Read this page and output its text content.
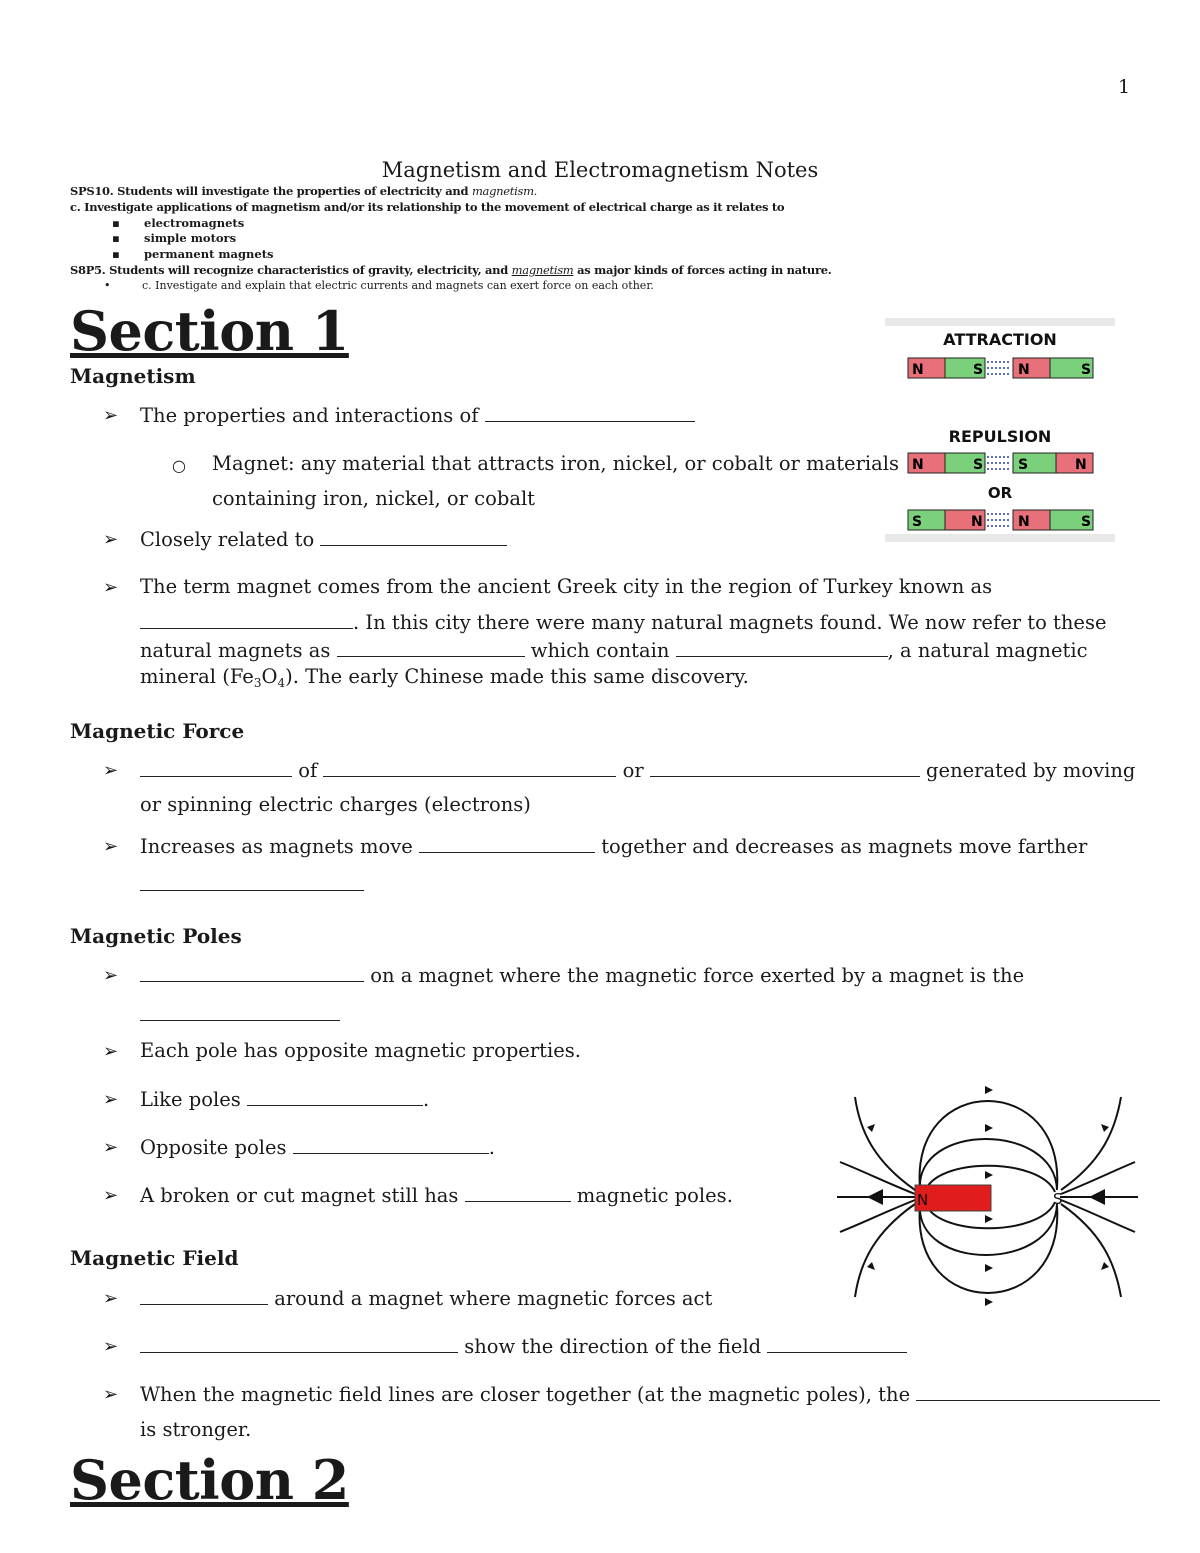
1
Magnetism and Electromagnetism Notes
SPS10. Students will investigate the properties of electricity and magnetism.
c. Investigate applications of magnetism and/or its relationship to the movement of electrical charge as it relates to
▪ electromagnets
▪ simple motors
▪ permanent magnets
S8P5. Students will recognize characteristics of gravity, electricity, and magnetism as major kinds of forces acting in nature.
•	c. Investigate and explain that electric currents and magnets can exert force on each other.
Section 1	ATTRACTION
N	S N	S
REPULSION
N	S S	N
OR
S	N	N	S
Magnetism
➢ The properties and interactions of
○ Magnet: any material that attracts iron, nickel, or cobalt or materials
containing iron, nickel, or cobalt
➢ Closely related to
➢ The term magnet comes from the ancient Greek city in the region of Turkey known as
. In this city there were many natural magnets found. We now refer to these
natural magnets as	which contain	, a natural magnetic
mineral $(Fe_3O_4)$. The early Chinese made this same discovery.
Magnetic Force
➢	of	or	generated by moving
or spinning electric charges (electrons)
➢ Increases as magnets move	together and decreases as magnets move farther
Magnetic Poles
➢	on a magnet where the magnetic force exerted by a magnet is the
➢ Each pole has opposite magnetic properties.
➢ Like poles	.
➢ Opposite poles	.
➢ A broken or cut magnet still has	magnetic poles.	N	S
Magnetic Field
➢	around a magnet where magnetic forces act
➢	show the direction of the field
➢ When the magnetic field lines are closer together (at the magnetic poles), the
is stronger.
Section 2
